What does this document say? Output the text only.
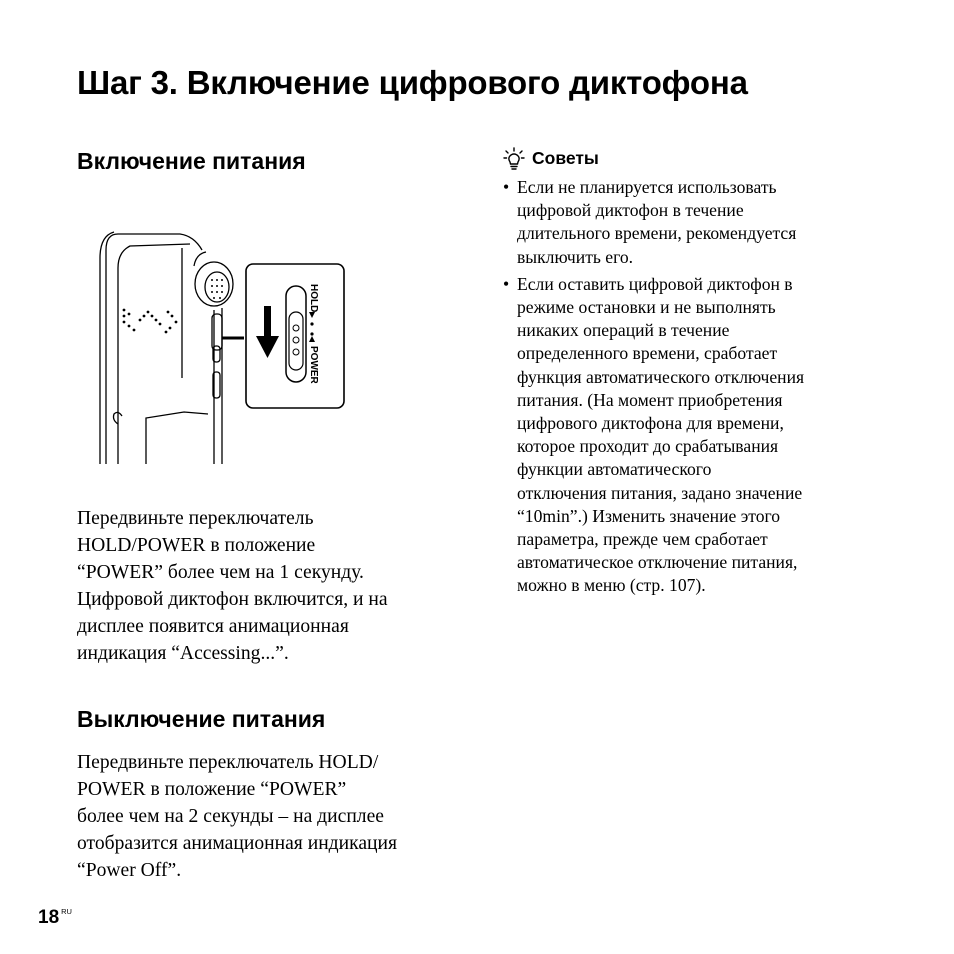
Шаг 3. Включение цифрового диктофона
Включение питания
HOLD
POWER
Передвиньте переключатель
HOLD/POWER в положение
“POWER” более чем на 1 секунду.
Цифровой диктофон включится, и на
дисплее появится анимационная
индикация “Accessing...”.
Выключение питания
Передвиньте переключатель HOLD/
POWER в положение “POWER”
более чем на 2 секунды – на дисплее
отобразится анимационная индикация
“Power Off”.
Советы
• Если не планируется использовать
цифровой диктофон в течение
длительного времени, рекомендуется
выключить его.
• Если оставить цифровой диктофон в
режиме остановки и не выполнять
никаких операций в течение
определенного времени, сработает
функция автоматического отключения
питания. (На момент приобретения
цифрового диктофона для времени,
которое проходит до срабатывания
функции автоматического
отключения питания, задано значение
“10min”.) Изменить значение этого
параметра, прежде чем сработает
автоматическое отключение питания,
можно в меню (стр. 107).
18 $^{RU}$
